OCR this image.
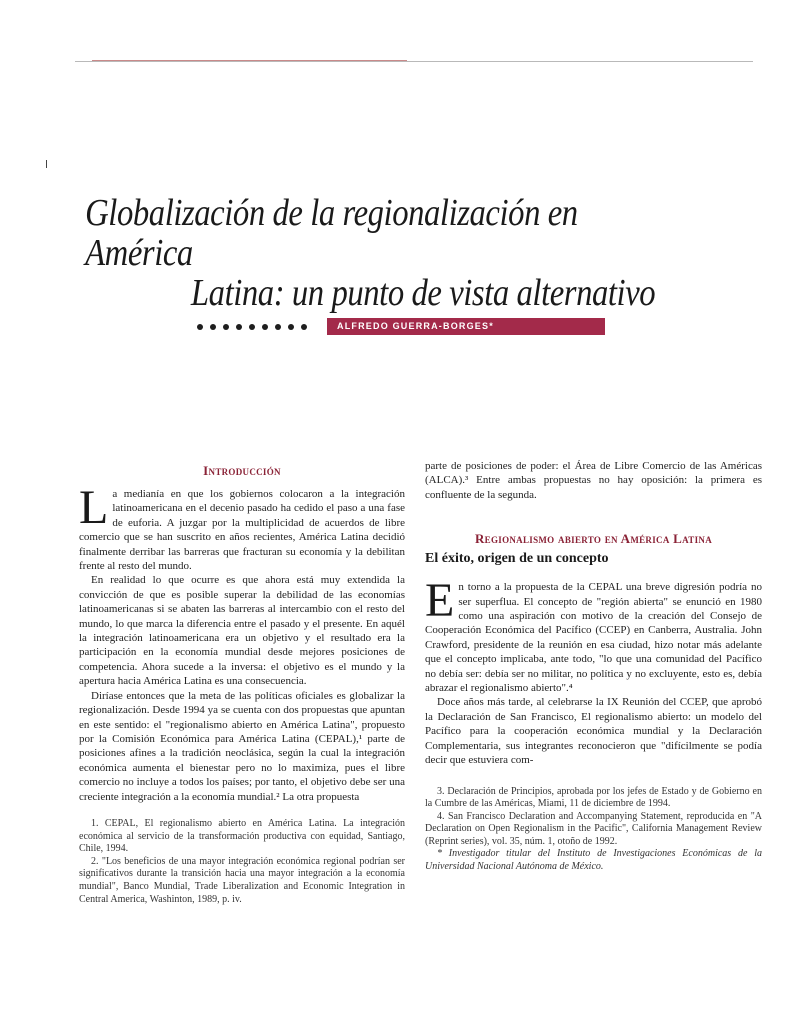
Globalización de la regionalización en América
Latina: un punto de vista alternativo
ALFREDO GUERRA-BORGES*
Introducción

La medianía en que los gobiernos colocaron a la integración latinoamericana en el decenio pasado ha cedido el paso a una fase de euforia. A juzgar por la multiplicidad de acuerdos de libre comercio que se han suscrito en años recientes, América Latina decidió finalmente derribar las barreras que fracturan su economía y la debilitan frente al resto del mundo.

En realidad lo que ocurre es que ahora está muy extendida la convicción de que es posible superar la debilidad de las economías latinoamericanas si se abaten las barreras al intercambio con el resto del mundo, lo que marca la diferencia entre el pasado y el presente. En aquél la integración latinoamericana era un objetivo y el resultado era la participación en la economía mundial desde mejores posiciones de competencia. Ahora sucede a la inversa: el objetivo es el mundo y la apertura hacia América Latina es una consecuencia.

Diríase entonces que la meta de las políticas oficiales es globalizar la regionalización. Desde 1994 ya se cuenta con dos propuestas que apuntan en este sentido: el "regionalismo abierto en América Latina", propuesto por la Comisión Económica para América Latina (CEPAL),¹ parte de posiciones afines a la tradición neoclásica, según la cual la integración económica aumenta el bienestar pero no lo maximiza, pues el libre comercio no incluye a todos los países; por tanto, el objetivo debe ser una creciente integración a la economía mundial.² La otra propuesta

1. CEPAL, El regionalismo abierto en América Latina. La integración económica al servicio de la transformación productiva con equidad, Santiago, Chile, 1994.

2. "Los beneficios de una mayor integración económica regional podrían ser significativos durante la transición hacia una mayor integración a la economía mundial", Banco Mundial, Trade Liberalization and Economic Integration in Central America, Washinton, 1989, p. iv.

parte de posiciones de poder: el Área de Libre Comercio de las Américas (ALCA).³ Entre ambas propuestas no hay oposición: la primera es confluente de la segunda.

Regionalismo abierto en América Latina
El éxito, origen de un concepto

En torno a la propuesta de la CEPAL una breve digresión podría no ser superflua. El concepto de "región abierta" se enunció en 1980 como una aspiración con motivo de la creación del Consejo de Cooperación Económica del Pacífico (CCEP) en Canberra, Australia. John Crawford, presidente de la reunión en esa ciudad, hizo notar más adelante que el concepto implicaba, ante todo, "lo que una comunidad del Pacífico no debía ser: debía ser no militar, no política y no excluyente, esto es, debía abrazar el regionalismo abierto".⁴

Doce años más tarde, al celebrarse la IX Reunión del CCEP, que aprobó la Declaración de San Francisco, El regionalismo abierto: un modelo del Pacífico para la cooperación económica mundial y la Declaración Complementaria, sus integrantes reconocieron que "difícilmente se podía decir que estuviera com-

3. Declaración de Principios, aprobada por los jefes de Estado y de Gobierno en la Cumbre de las Américas, Miami, 11 de diciembre de 1994.

4. San Francisco Declaration and Accompanying Statement, reproducida en "A Declaration on Open Regionalism in the Pacific", California Management Review (Reprint series), vol. 35, núm. 1, otoño de 1992.

* Investigador titular del Instituto de Investigaciones Económicas de la Universidad Nacional Autónoma de México.
